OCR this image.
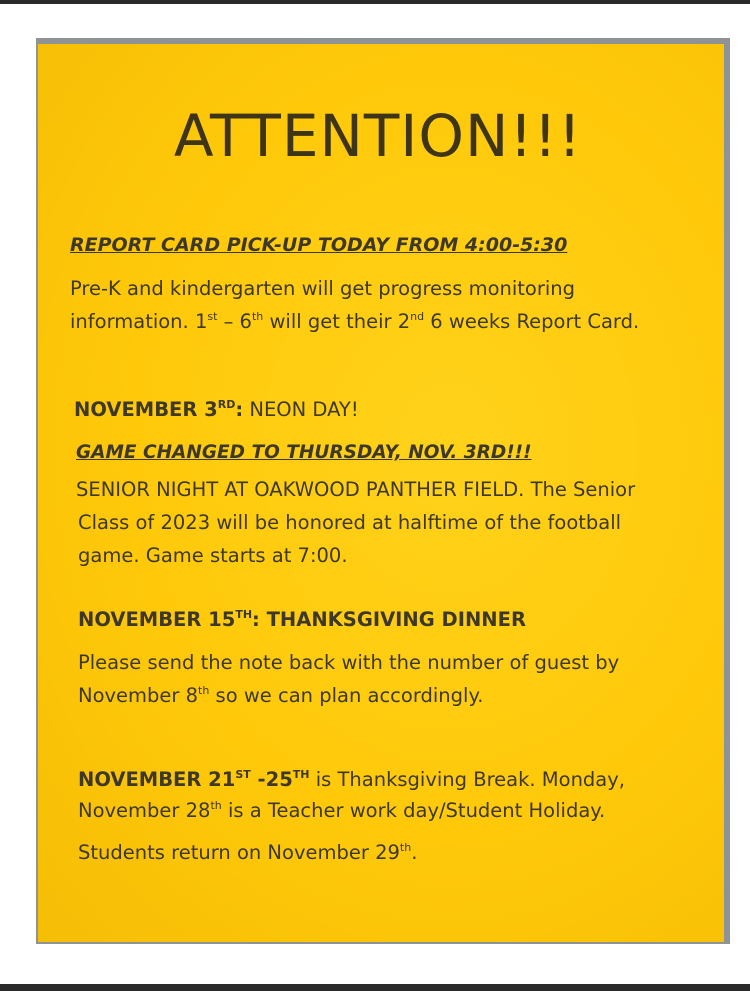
ATTENTION!!!
REPORT CARD PICK-UP TODAY FROM 4:00-5:30
Pre-K and kindergarten will get progress monitoring
information. 1st – 6th will get their 2nd 6 weeks Report Card.
NOVEMBER 3RD: NEON DAY!
GAME CHANGED TO THURSDAY, NOV. 3RD!!!
SENIOR NIGHT AT OAKWOOD PANTHER FIELD. The Senior
Class of 2023 will be honored at halftime of the football
game. Game starts at 7:00.
NOVEMBER 15TH: THANKSGIVING DINNER
Please send the note back with the number of guest by
November 8th so we can plan accordingly.
NOVEMBER 21ST -25TH is Thanksgiving Break. Monday,
November 28th is a Teacher work day/Student Holiday.
Students return on November 29th.
